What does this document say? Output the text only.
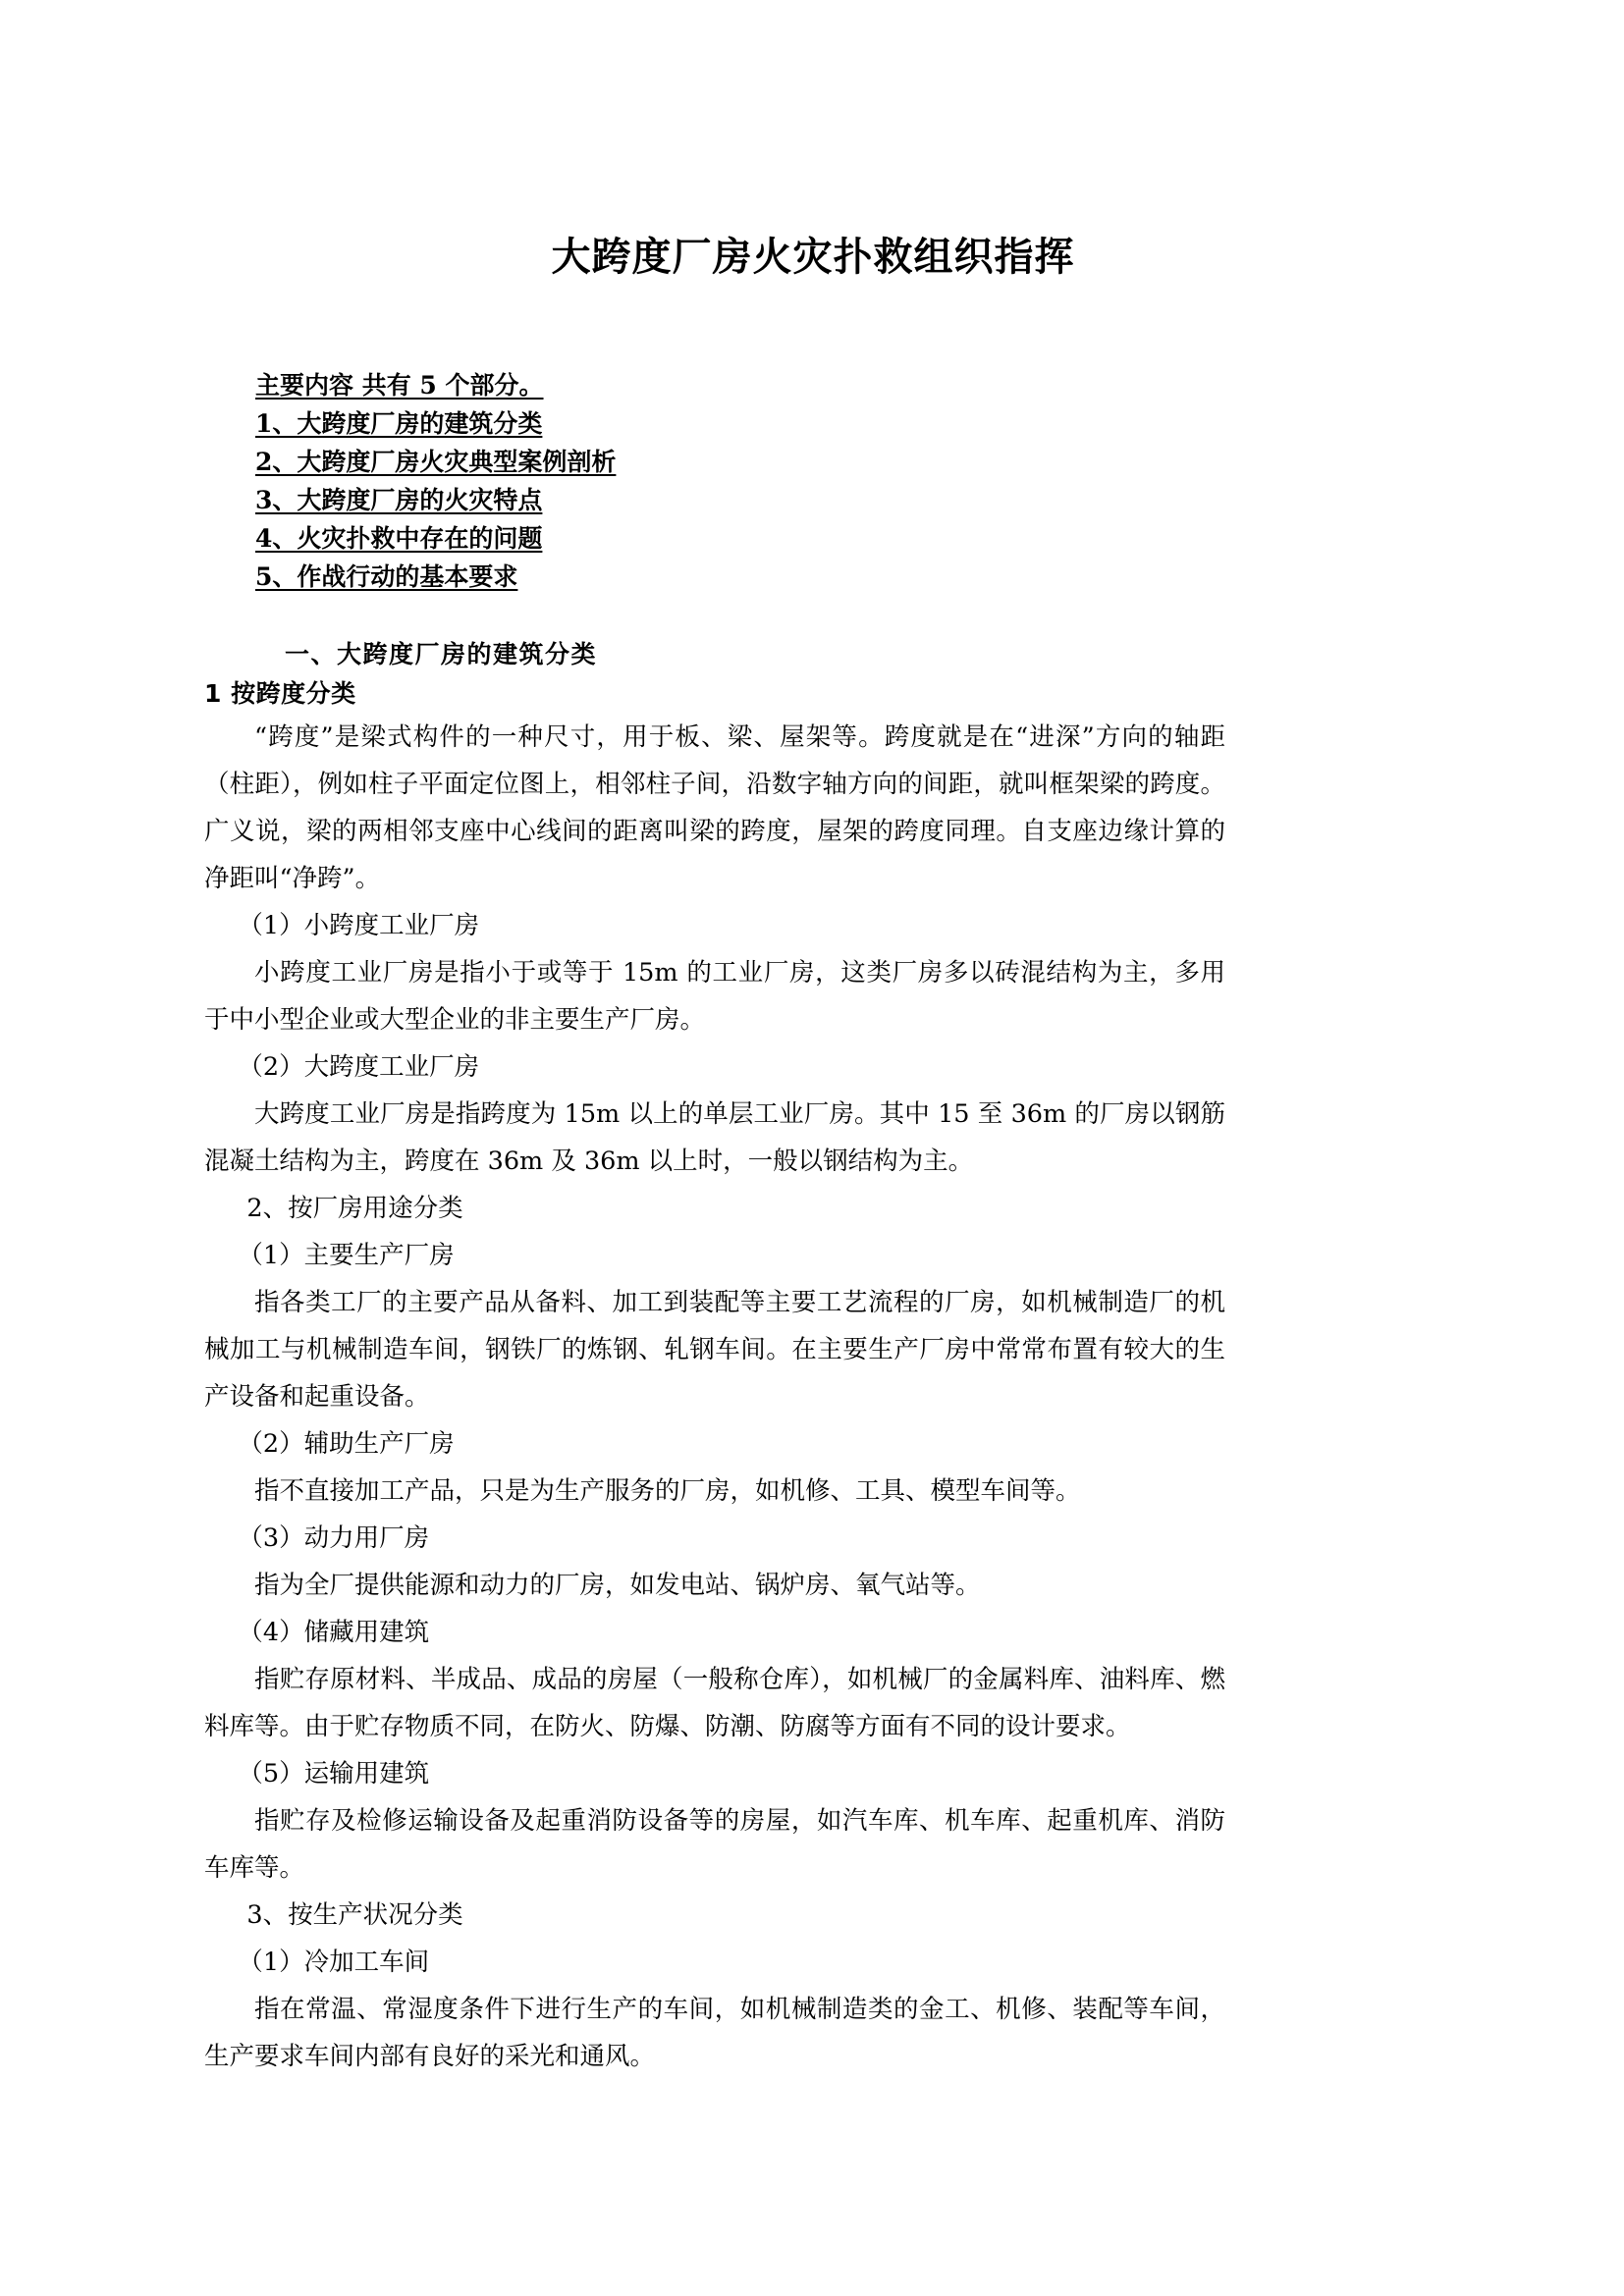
大跨度厂房火灾扑救组织指挥
主要内容 共有 5 个部分。
1、大跨度厂房的建筑分类
2、大跨度厂房火灾典型案例剖析
3、大跨度厂房的火灾特点
4、火灾扑救中存在的问题
5、作战行动的基本要求
一、大跨度厂房的建筑分类
1 按跨度分类

“跨度”是梁式构件的一种尺寸，用于板、梁、屋架等。跨度就是在“进深”方向的轴距（柱距），例如柱子平面定位图上，相邻柱子间，沿数字轴方向的间距，就叫框架梁的跨度。广义说，梁的两相邻支座中心线间的距离叫梁的跨度，屋架的跨度同理。自支座边缘计算的净距叫“净跨”。

（1）小跨度工业厂房

小跨度工业厂房是指小于或等于 15m 的工业厂房，这类厂房多以砖混结构为主，多用于中小型企业或大型企业的非主要生产厂房。

（2）大跨度工业厂房

大跨度工业厂房是指跨度为 15m 以上的单层工业厂房。其中 15 至 36m 的厂房以钢筋混凝土结构为主，跨度在 36m 及 36m 以上时，一般以钢结构为主。

2、按厂房用途分类

（1）主要生产厂房

指各类工厂的主要产品从备料、加工到装配等主要工艺流程的厂房，如机械制造厂的机械加工与机械制造车间，钢铁厂的炼钢、轧钢车间。在主要生产厂房中常常布置有较大的生产设备和起重设备。

（2）辅助生产厂房

指不直接加工产品，只是为生产服务的厂房，如机修、工具、模型车间等。

（3）动力用厂房

指为全厂提供能源和动力的厂房，如发电站、锅炉房、氧气站等。

（4）储藏用建筑

指贮存原材料、半成品、成品的房屋（一般称仓库），如机械厂的金属料库、油料库、燃料库等。由于贮存物质不同，在防火、防爆、防潮、防腐等方面有不同的设计要求。

（5）运输用建筑

指贮存及检修运输设备及起重消防设备等的房屋，如汽车库、机车库、起重机库、消防车库等。

3、按生产状况分类

（1）冷加工车间

指在常温、常湿度条件下进行生产的车间，如机械制造类的金工、机修、装配等车间，生产要求车间内部有良好的采光和通风。
